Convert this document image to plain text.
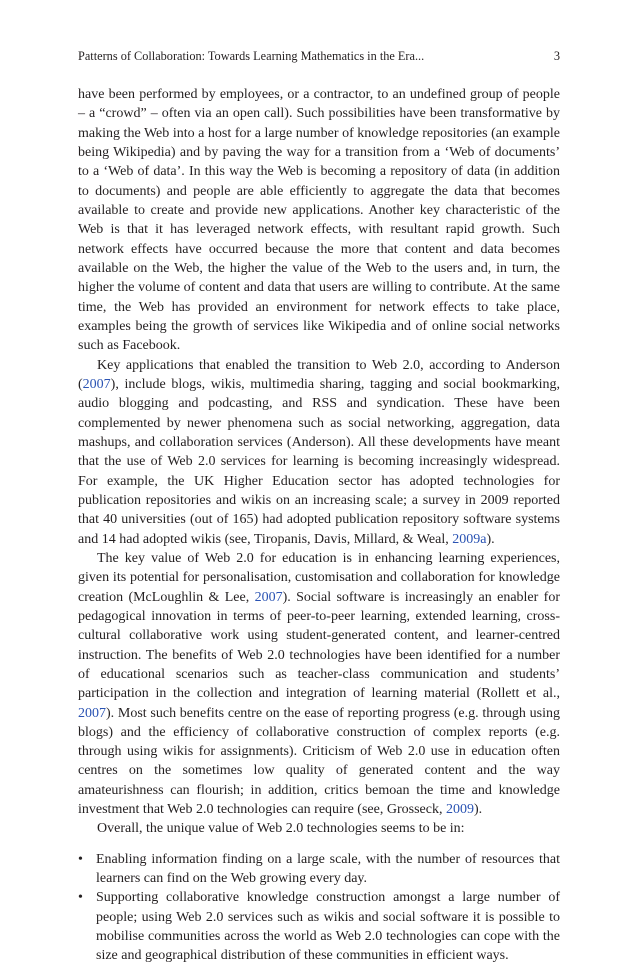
Patterns of Collaboration: Towards Learning Mathematics in the Era...	3

have been performed by employees, or a contractor, to an undefined group of people – a “crowd” – often via an open call). Such possibilities have been transformative by making the Web into a host for a large number of knowledge repositories (an example being Wikipedia) and by paving the way for a transition from a ‘Web of documents’ to a ‘Web of data’. In this way the Web is becoming a repository of data (in addition to documents) and people are able efficiently to aggregate the data that becomes available to create and provide new applications. Another key characteristic of the Web is that it has leveraged network effects, with resultant rapid growth. Such network effects have occurred because the more that content and data becomes available on the Web, the higher the value of the Web to the users and, in turn, the higher the volume of content and data that users are willing to contribute. At the same time, the Web has provided an environment for network effects to take place, examples being the growth of services like Wikipedia and of online social networks such as Facebook.

Key applications that enabled the transition to Web 2.0, according to Anderson (2007), include blogs, wikis, multimedia sharing, tagging and social bookmarking, audio blogging and podcasting, and RSS and syndication. These have been complemented by newer phenomena such as social networking, aggregation, data mashups, and collaboration services (Anderson). All these developments have meant that the use of Web 2.0 services for learning is becoming increasingly widespread. For example, the UK Higher Education sector has adopted technologies for publication repositories and wikis on an increasing scale; a survey in 2009 reported that 40 universities (out of 165) had adopted publication repository software systems and 14 had adopted wikis (see, Tiropanis, Davis, Millard, & Weal, 2009a).

The key value of Web 2.0 for education is in enhancing learning experiences, given its potential for personalisation, customisation and collaboration for knowledge creation (McLoughlin & Lee, 2007). Social software is increasingly an enabler for pedagogical innovation in terms of peer-to-peer learning, extended learning, cross-cultural collaborative work using student-generated content, and learner-centred instruction. The benefits of Web 2.0 technologies have been identified for a number of educational scenarios such as teacher-class communication and students’ participation in the collection and integration of learning material (Rollett et al., 2007). Most such benefits centre on the ease of reporting progress (e.g. through using blogs) and the efficiency of collaborative construction of complex reports (e.g. through using wikis for assignments). Criticism of Web 2.0 use in education often centres on the sometimes low quality of generated content and the way amateurishness can flourish; in addition, critics bemoan the time and knowledge investment that Web 2.0 technologies can require (see, Grosseck, 2009).

Overall, the unique value of Web 2.0 technologies seems to be in:

• Enabling information finding on a large scale, with the number of resources that learners can find on the Web growing every day.
• Supporting collaborative knowledge construction amongst a large number of people; using Web 2.0 services such as wikis and social software it is possible to mobilise communities across the world as Web 2.0 technologies can cope with the size and geographical distribution of these communities in efficient ways.
